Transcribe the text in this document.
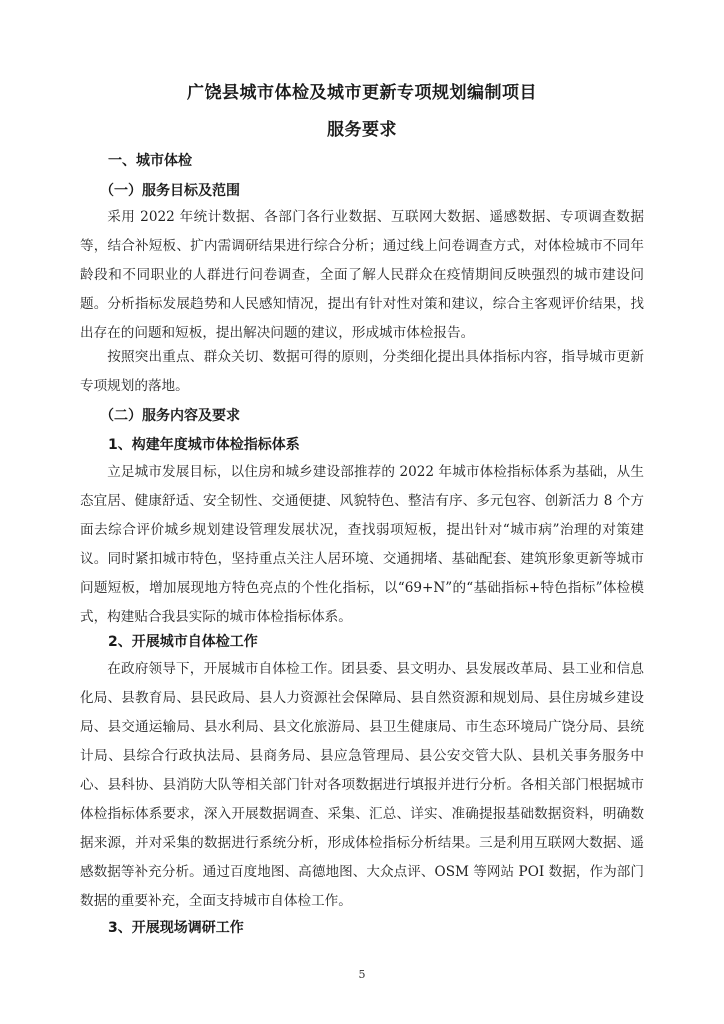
广饶县城市体检及城市更新专项规划编制项目
服务要求
一、城市体检
（一）服务目标及范围

采用 2022 年统计数据、各部门各行业数据、互联网大数据、遥感数据、专项调查数据等，结合补短板、扩内需调研结果进行综合分析；通过线上问卷调查方式，对体检城市不同年龄段和不同职业的人群进行问卷调查，全面了解人民群众在疫情期间反映强烈的城市建设问题。分析指标发展趋势和人民感知情况，提出有针对性对策和建议，综合主客观评价结果，找出存在的问题和短板，提出解决问题的建议，形成城市体检报告。

按照突出重点、群众关切、数据可得的原则，分类细化提出具体指标内容，指导城市更新专项规划的落地。

（二）服务内容及要求
1、构建年度城市体检指标体系

立足城市发展目标，以住房和城乡建设部推荐的 2022 年城市体检指标体系为基础，从生态宜居、健康舒适、安全韧性、交通便捷、风貌特色、整洁有序、多元包容、创新活力 8 个方面去综合评价城乡规划建设管理发展状况，查找弱项短板，提出针对“城市病”治理的对策建议。同时紧扣城市特色，坚持重点关注人居环境、交通拥堵、基础配套、建筑形象更新等城市问题短板，增加展现地方特色亮点的个性化指标，以“69+N”的“基础指标+特色指标”体检模式，构建贴合我县实际的城市体检指标体系。

2、开展城市自体检工作

在政府领导下，开展城市自体检工作。团县委、县文明办、县发展改革局、县工业和信息化局、县教育局、县民政局、县人力资源社会保障局、县自然资源和规划局、县住房城乡建设局、县交通运输局、县水利局、县文化旅游局、县卫生健康局、市生态环境局广饶分局、县统计局、县综合行政执法局、县商务局、县应急管理局、县公安交管大队、县机关事务服务中心、县科协、县消防大队等相关部门针对各项数据进行填报并进行分析。各相关部门根据城市体检指标体系要求，深入开展数据调查、采集、汇总、详实、准确提报基础数据资料，明确数据来源，并对采集的数据进行系统分析，形成体检指标分析结果。三是利用互联网大数据、遥感数据等补充分析。通过百度地图、高德地图、大众点评、OSM 等网站 POI 数据，作为部门数据的重要补充，全面支持城市自体检工作。

3、开展现场调研工作
5
